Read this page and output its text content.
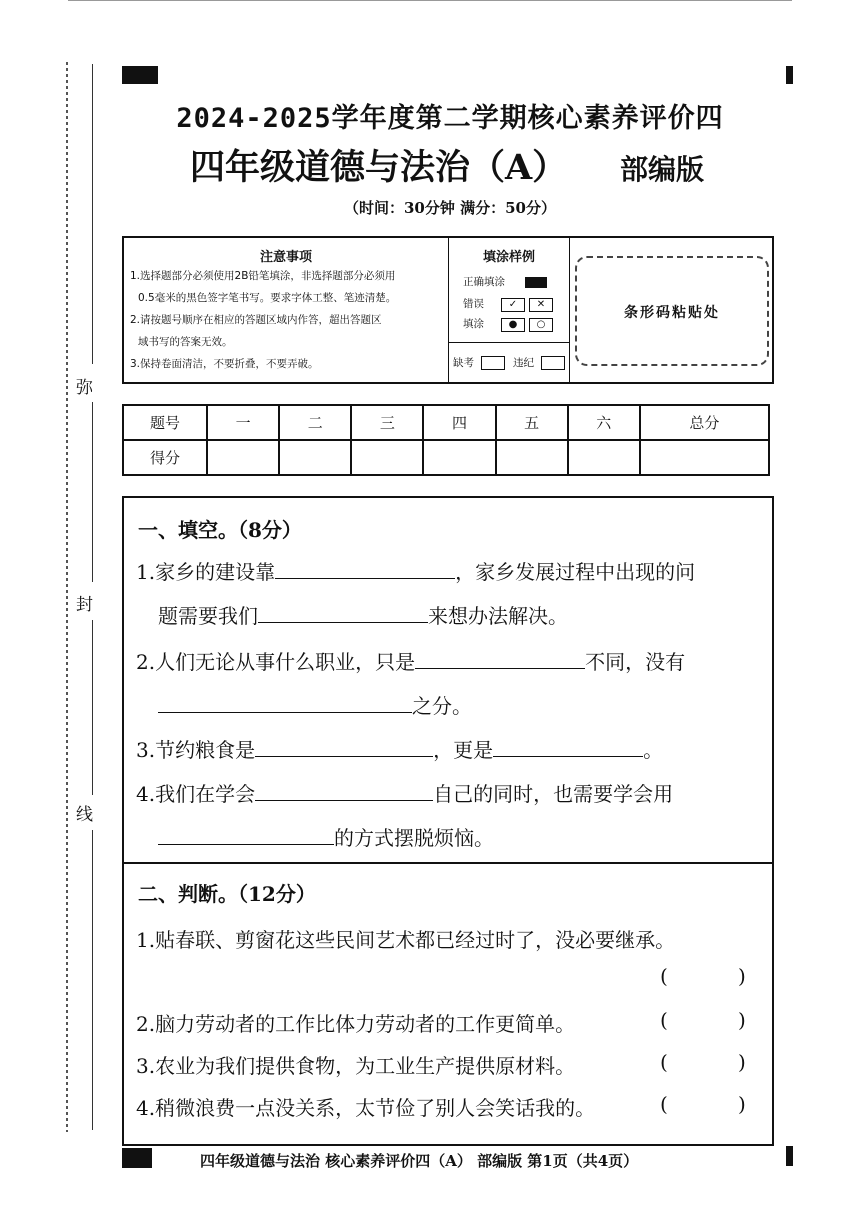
弥
封
线
2024-2025学年度第二学期核心素养评价四
四年级道德与法治（A） 部编版
（时间：30分钟 满分：50分）
注意事项
1.选择题部分必须使用2B铅笔填涂，非选择题部分必须用
0.5毫米的黑色签字笔书写。要求字体工整、笔迹清楚。
2.请按题号顺序在相应的答题区域内作答，超出答题区
域书写的答案无效。
3.保持卷面清洁，不要折叠，不要弄破。
填涂样例
正确填涂
错误
填涂
✓	✕
●	○
缺考	违纪
条形码粘贴处
题号	一	二	三	四	五	六	总分
得分							
一、填空。（8分）
1.家乡的建设靠	，家乡发展过程中出现的问
题需要我们	来想办法解决。
2.人们无论从事什么职业，只是	不同，没有
之分。
3.节约粮食是	，更是	。
4.我们在学会	自己的同时，也需要学会用
的方式摆脱烦恼。
二、判断。（12分）
1.贴春联、剪窗花这些民间艺术都已经过时了，没必要继承。
(	)
2.脑力劳动者的工作比体力劳动者的工作更简单。	(	)
3.农业为我们提供食物，为工业生产提供原材料。	(	)
4.稍微浪费一点没关系，太节俭了别人会笑话我的。	(	)
四年级道德与法治 核心素养评价四（A） 部编版 第1页（共4页）
